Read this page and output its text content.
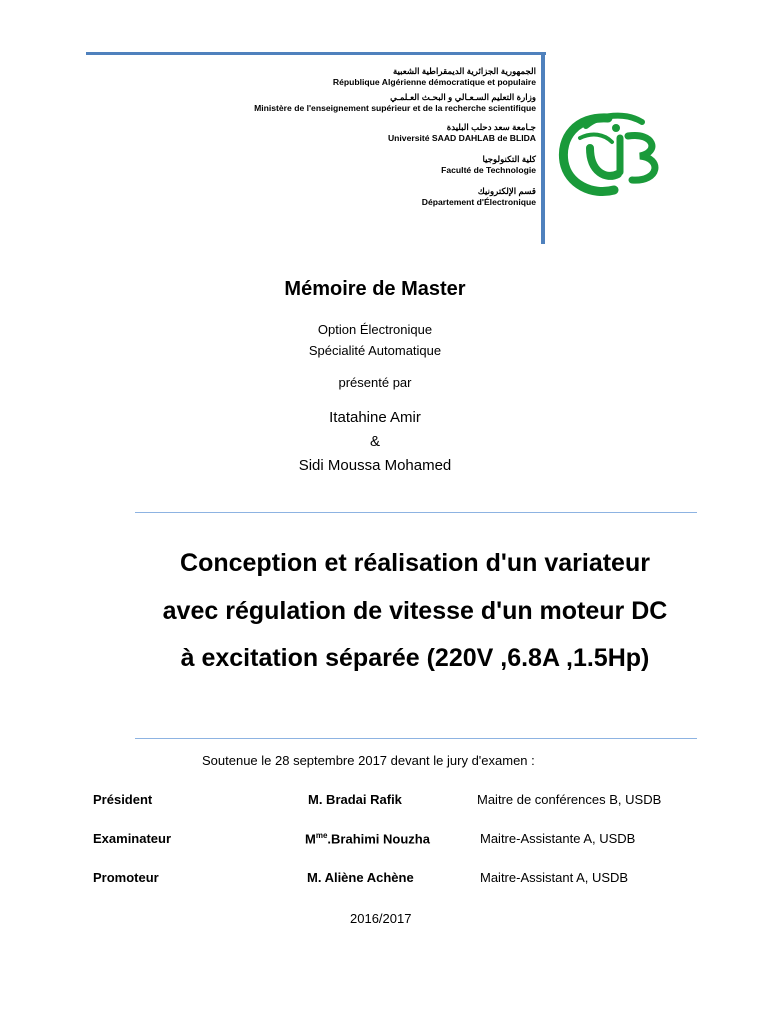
الجمهورية الجزائرية الديمقراطية الشعبية
République Algérienne démocratique et populaire
وزارة التعليم السـعـالي و البحـث العـلمـي
Ministère de l'enseignement supérieur et de la recherche scientifique
جـامعة سعد دحلب البليدة
Université SAAD DAHLAB de BLIDA
كلية التكنولوجيا
Faculté de Technologie
قسم الإلكترونيك
Département d'Électronique
Mémoire de Master
Option Électronique
Spécialité Automatique
présenté par
Itatahine Amir
&
Sidi Moussa Mohamed
Conception et réalisation d'un variateur
avec régulation de vitesse d'un moteur DC
à excitation séparée (220V ,6.8A ,1.5Hp)
Soutenue le 28 septembre 2017 devant le jury d'examen :
Président	M. Bradai Rafik	Maitre de conférences B, USDB
Examinateur	$M^{me}.Brahimi$ Nouzha	Maitre-Assistante A, USDB
Promoteur	M. Aliène Achène	Maitre-Assistant A, USDB
2016/2017
